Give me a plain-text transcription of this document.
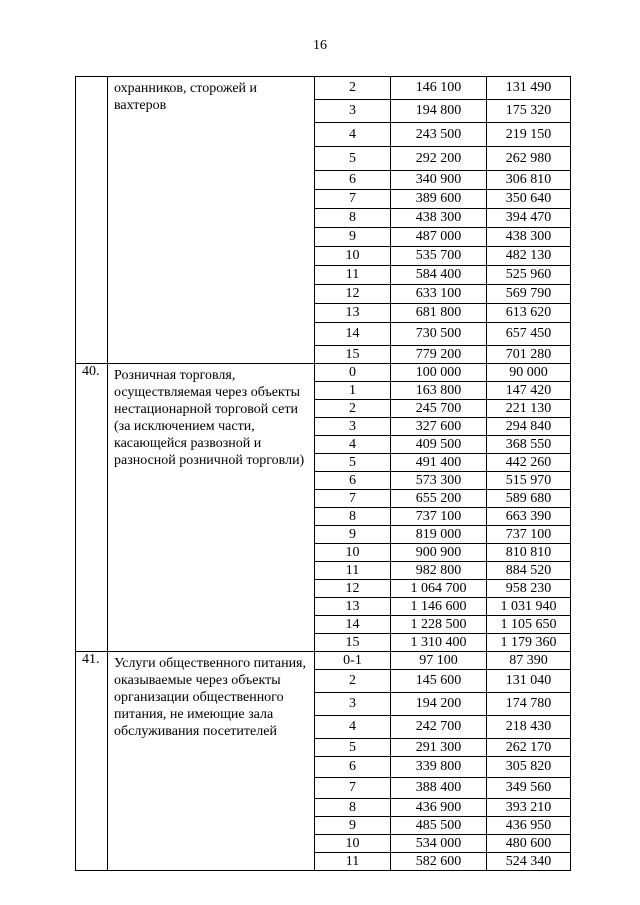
16
	охранников, сторожей и вахтеров	2	146 100	131 490
		3	194 800	175 320
		4	243 500	219 150
		5	292 200	262 980
		6	340 900	306 810
		7	389 600	350 640
		8	438 300	394 470
		9	487 000	438 300
		10	535 700	482 130
		11	584 400	525 960
		12	633 100	569 790
		13	681 800	613 620
		14	730 500	657 450
		15	779 200	701 280
40.	Розничная торговля, осуществляемая через объекты нестационарной торговой сети (за исключением части, касающейся развозной и разносной розничной торговли)	0	100 000	90 000
		1	163 800	147 420
		2	245 700	221 130
		3	327 600	294 840
		4	409 500	368 550
		5	491 400	442 260
		6	573 300	515 970
		7	655 200	589 680
		8	737 100	663 390
		9	819 000	737 100
		10	900 900	810 810
		11	982 800	884 520
		12	1 064 700	958 230
		13	1 146 600	1 031 940
		14	1 228 500	1 105 650
		15	1 310 400	1 179 360
41.	Услуги общественного питания, оказываемые через объекты организации общественного питания, не имеющие зала обслуживания посетителей	0-1	97 100	87 390
		2	145 600	131 040
		3	194 200	174 780
		4	242 700	218 430
		5	291 300	262 170
		6	339 800	305 820
		7	388 400	349 560
		8	436 900	393 210
		9	485 500	436 950
		10	534 000	480 600
		11	582 600	524 340
